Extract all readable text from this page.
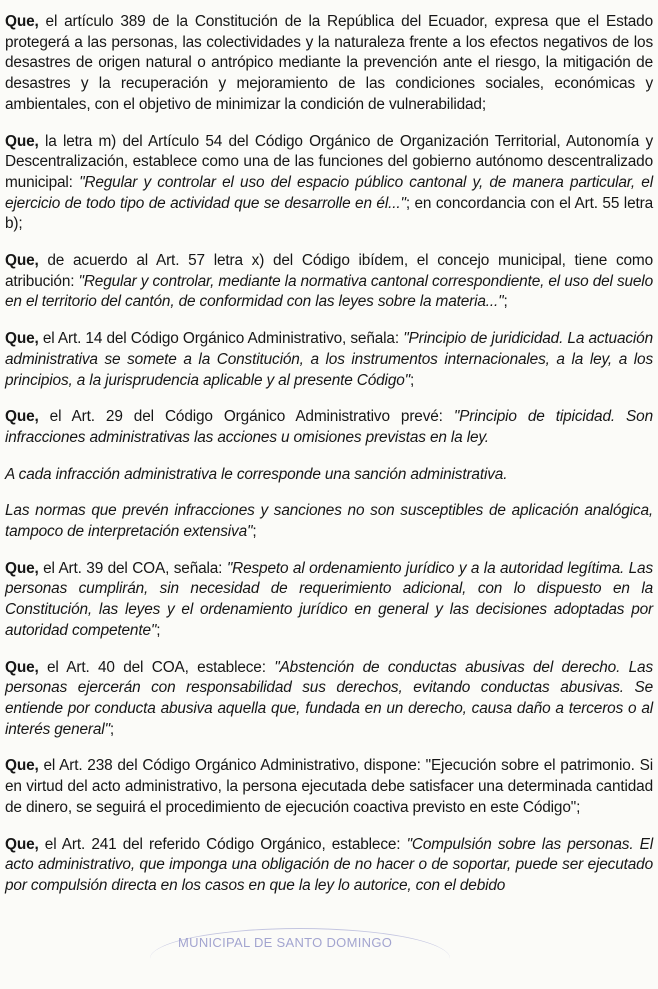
Que, el artículo 389 de la Constitución de la República del Ecuador, expresa que el Estado protegerá a las personas, las colectividades y la naturaleza frente a los efectos negativos de los desastres de origen natural o antrópico mediante la prevención ante el riesgo, la mitigación de desastres y la recuperación y mejoramiento de las condiciones sociales, económicas y ambientales, con el objetivo de minimizar la condición de vulnerabilidad;

Que, la letra m) del Artículo 54 del Código Orgánico de Organización Territorial, Autonomía y Descentralización, establece como una de las funciones del gobierno autónomo descentralizado municipal: "Regular y controlar el uso del espacio público cantonal y, de manera particular, el ejercicio de todo tipo de actividad que se desarrolle en él..."; en concordancia con el Art. 55 letra b);

Que, de acuerdo al Art. 57 letra x) del Código ibídem, el concejo municipal, tiene como atribución: "Regular y controlar, mediante la normativa cantonal correspondiente, el uso del suelo en el territorio del cantón, de conformidad con las leyes sobre la materia...";

Que, el Art. 14 del Código Orgánico Administrativo, señala: "Principio de juridicidad. La actuación administrativa se somete a la Constitución, a los instrumentos internacionales, a la ley, a los principios, a la jurisprudencia aplicable y al presente Código";

Que, el Art. 29 del Código Orgánico Administrativo prevé: "Principio de tipicidad. Son infracciones administrativas las acciones u omisiones previstas en la ley.

A cada infracción administrativa le corresponde una sanción administrativa.

Las normas que prevén infracciones y sanciones no son susceptibles de aplicación analógica, tampoco de interpretación extensiva";

Que, el Art. 39 del COA, señala: "Respeto al ordenamiento jurídico y a la autoridad legítima. Las personas cumplirán, sin necesidad de requerimiento adicional, con lo dispuesto en la Constitución, las leyes y el ordenamiento jurídico en general y las decisiones adoptadas por autoridad competente";

Que, el Art. 40 del COA, establece: "Abstención de conductas abusivas del derecho. Las personas ejercerán con responsabilidad sus derechos, evitando conductas abusivas. Se entiende por conducta abusiva aquella que, fundada en un derecho, causa daño a terceros o al interés general";

Que, el Art. 238 del Código Orgánico Administrativo, dispone: "Ejecución sobre el patrimonio. Si en virtud del acto administrativo, la persona ejecutada debe satisfacer una determinada cantidad de dinero, se seguirá el procedimiento de ejecución coactiva previsto en este Código";

Que, el Art. 241 del referido Código Orgánico, establece: "Compulsión sobre las personas. El acto administrativo, que imponga una obligación de no hacer o de soportar, puede ser ejecutado por compulsión directa en los casos en que la ley lo autorice, con el debido

MUNICIPAL DE SANTO DOMINGO
